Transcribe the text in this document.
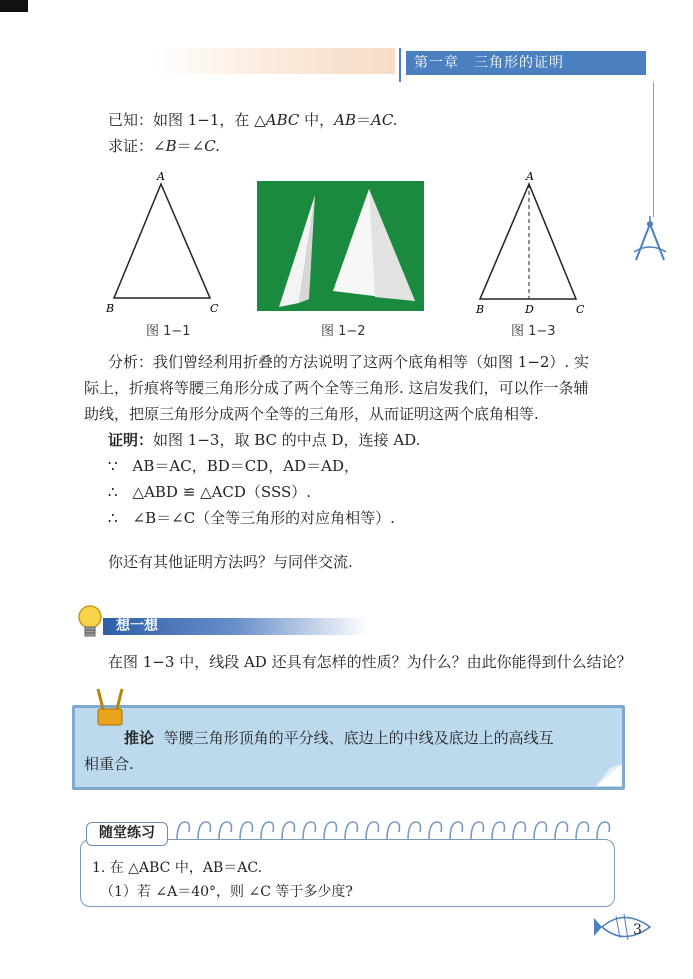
第一章　三角形的证明
已知：如图 1−1，在 △ABC 中，AB＝AC.
求证：∠B＝∠C.
A
B	C
图 1−1	图 1−2
A
B	C
D
图 1−3
分析：我们曾经利用折叠的方法说明了这两个底角相等（如图 1−2）. 实
际上，折痕将等腰三角形分成了两个全等三角形. 这启发我们，可以作一条辅
助线，把原三角形分成两个全等的三角形，从而证明这两个底角相等.
证明：如图 1−3，取 BC 的中点 D，连接 AD.
∵　AB＝AC，BD＝CD，AD＝AD，
∴　△ABD ≌ △ACD（SSS）.
∴　∠B＝∠C（全等三角形的对应角相等）.
你还有其他证明方法吗？与同伴交流.
想一想
在图 1−3 中，线段 AD 还具有怎样的性质？为什么？由此你能得到什么结论？
推论 等腰三角形顶角的平分线、底边上的中线及底边上的高线互
相重合.
随堂练习
1. 在 △ABC 中，AB＝AC.
（1）若 ∠A＝40°，则 ∠C 等于多少度?
3
